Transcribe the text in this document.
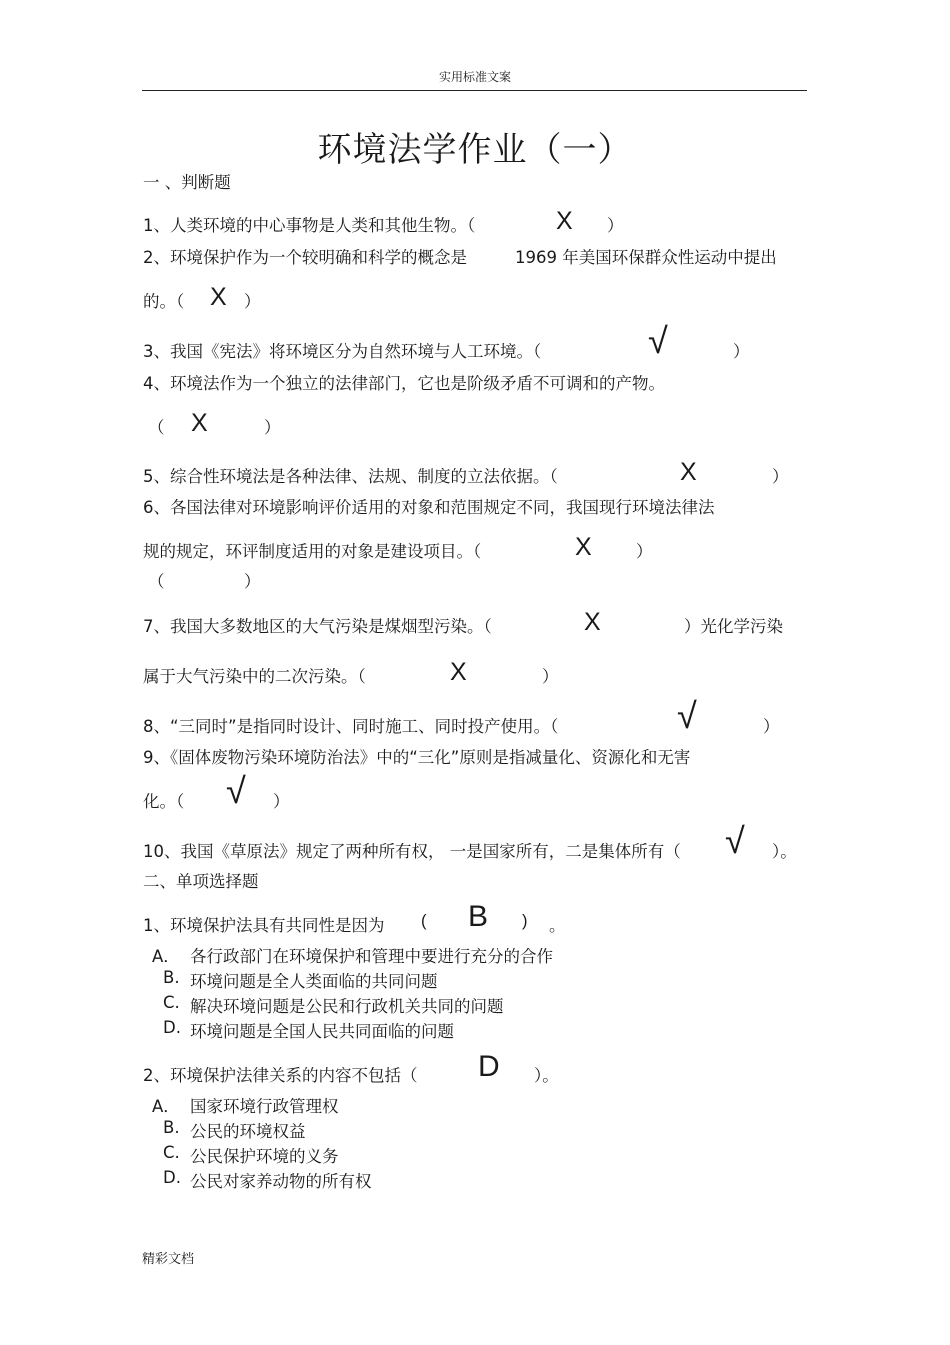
实用标准文案
环境法学作业（一）
一 、判断题
1、人类环境的中心事物是人类和其他生物。（	X ）
2、环境保护作为一个较明确和科学的概念是	1969 年美国环保群众性运动中提出
的。（ X ）
3、我国《宪法》将环境区分为自然环境与人工环境。（	√	）
4、环境法作为一个独立的法律部门，它也是阶级矛盾不可调和的产物。
（ X	）
5、综合性环境法是各种法律、法规、制度的立法依据。（	X	）
6、各国法律对环境影响评价适用的对象和范围规定不同，我国现行环境法律法
规的规定，环评制度适用的对象是建设项目。（	X	）
（	）
7、我国大多数地区的大气污染是煤烟型污染。（	X	）光化学污染
属于大气污染中的二次污染。（	X	）
8、“三同时”是指同时设计、同时施工、同时投产使用。（	√	）
9、《固体废物污染环境防治法》中的“三化”原则是指减量化、资源化和无害
化。（ √ ）
10、我国《草原法》规定了两种所有权， 一是国家所有，二是集体所有（ √ ）。
二、单项选择题
1、环境保护法具有共同性是因为 ( B ) 。
A． 各行政部门在环境保护和管理中要进行充分的合作
B. 环境问题是全人类面临的共同问题
C. 解决环境问题是公民和行政机关共同的问题
D. 环境问题是全国人民共同面临的问题
2、环境保护法律关系的内容不包括（ D ）。
A． 国家环境行政管理权
B. 公民的环境权益
C. 公民保护环境的义务
D. 公民对家养动物的所有权
精彩文档
